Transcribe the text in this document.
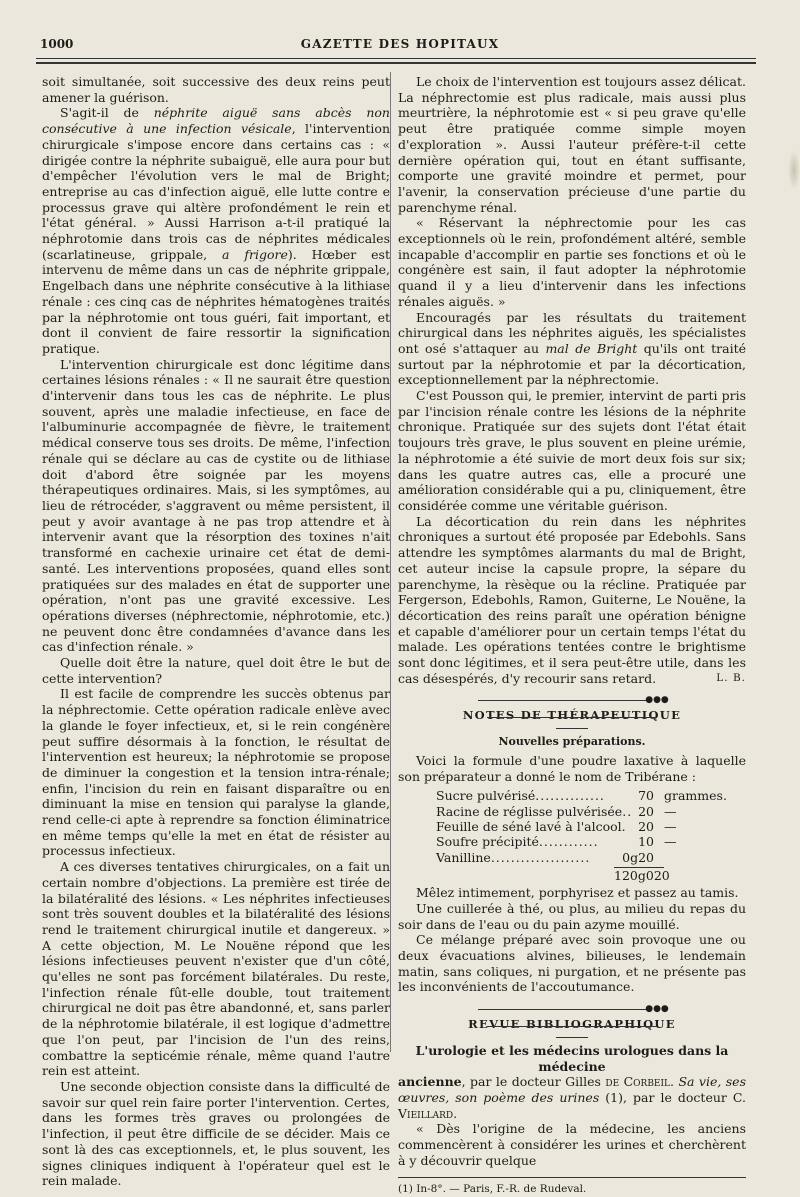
1000	GAZETTE DES HOPITAUX

soit simultanée, soit successive des deux reins peut amener la guérison.

S'agit-il de néphrite aiguë sans abcès non consécutive à une infection vésicale, l'intervention chirurgicale s'impose encore dans certains cas : « dirigée contre la néphrite subaiguë, elle aura pour but d'empêcher l'évolution vers le mal de Bright; entreprise au cas d'infection aiguë, elle lutte contre e processus grave qui altère profondément le rein et l'état général. » Aussi Harrison a-t-il pratiqué la néphrotomie dans trois cas de néphrites médicales (scarlatineuse, grippale, a frigore). Hœber est intervenu de même dans un cas de néphrite grippale, Engelbach dans une néphrite consécutive à la lithiase rénale : ces cinq cas de néphrites hématogènes traités par la néphrotomie ont tous guéri, fait important, et dont il convient de faire ressortir la signification pratique.

L'intervention chirurgicale est donc légitime dans certaines lésions rénales : « Il ne saurait être question d'intervenir dans tous les cas de néphrite. Le plus souvent, après une maladie infectieuse, en face de l'albuminurie accompagnée de fièvre, le traitement médical conserve tous ses droits. De même, l'infection rénale qui se déclare au cas de cystite ou de lithiase doit d'abord être soignée par les moyens thérapeutiques ordinaires. Mais, si les symptômes, au lieu de rétrocéder, s'aggravent ou même persistent, il peut y avoir avantage à ne pas trop attendre et à intervenir avant que la résorption des toxines n'ait transformé en cachexie urinaire cet état de demi-santé. Les interventions proposées, quand elles sont pratiquées sur des malades en état de supporter une opération, n'ont pas une gravité excessive. Les opérations diverses (néphrectomie, néphrotomie, etc.) ne peuvent donc être condamnées d'avance dans les cas d'infection rénale. »

Quelle doit être la nature, quel doit être le but de cette intervention?

Il est facile de comprendre les succès obtenus par la néphrectomie. Cette opération radicale enlève avec la glande le foyer infectieux, et, si le rein congénère peut suffire désormais à la fonction, le résultat de l'intervention est heureux; la néphrotomie se propose de diminuer la congestion et la tension intra-rénale; enfin, l'incision du rein en faisant disparaître ou en diminuant la mise en tension qui paralyse la glande, rend celle-ci apte à reprendre sa fonction éliminatrice en même temps qu'elle la met en état de résister au processus infectieux.

A ces diverses tentatives chirurgicales, on a fait un certain nombre d'objections. La première est tirée de la bilatéralité des lésions. « Les néphrites infectieuses sont très souvent doubles et la bilatéralité des lésions rend le traitement chirurgical inutile et dangereux. » A cette objection, M. Le Nouëne répond que les lésions infectieuses peuvent n'exister que d'un côté, qu'elles ne sont pas forcément bilatérales. Du reste, l'infection rénale fût-elle double, tout traitement chirurgical ne doit pas être abandonné, et, sans parler de la néphrotomie bilatérale, il est logique d'admettre que l'on peut, par l'incision de l'un des reins, combattre la septicémie rénale, même quand l'autre rein est atteint.

Une seconde objection consiste dans la difficulté de savoir sur quel rein faire porter l'intervention. Certes, dans les formes très graves ou prolongées de l'infection, il peut être difficile de se décider. Mais ce sont là des cas exceptionnels, et, le plus souvent, les signes cliniques indiquent à l'opérateur quel est le rein malade.

Le choix de l'intervention est toujours assez délicat. La néphrectomie est plus radicale, mais aussi plus meurtrière, la néphrotomie est « si peu grave qu'elle peut être pratiquée comme simple moyen d'exploration ». Aussi l'auteur préfère-t-il cette dernière opération qui, tout en étant suffisante, comporte une gravité moindre et permet, pour l'avenir, la conservation précieuse d'une partie du parenchyme rénal.

« Réservant la néphrectomie pour les cas exceptionnels où le rein, profondément altéré, semble incapable d'accomplir en partie ses fonctions et où le congénère est sain, il faut adopter la néphrotomie quand il y a lieu d'intervenir dans les infections rénales aiguës. »

Encouragés par les résultats du traitement chirurgical dans les néphrites aiguës, les spécialistes ont osé s'attaquer au mal de Bright qu'ils ont traité surtout par la néphrotomie et par la décortication, exceptionnellement par la néphrectomie.

C'est Pousson qui, le premier, intervint de parti pris par l'incision rénale contre les lésions de la néphrite chronique. Pratiquée sur des sujets dont l'état était toujours très grave, le plus souvent en pleine urémie, la néphrotomie a été suivie de mort deux fois sur six; dans les quatre autres cas, elle a procuré une amélioration considérable qui a pu, cliniquement, être considérée comme une véritable guérison.

La décortication du rein dans les néphrites chroniques a surtout été proposée par Edebohls. Sans attendre les symptômes alarmants du mal de Bright, cet auteur incise la capsule propre, la sépare du parenchyme, la rèsèque ou la récline. Pratiquée par Fergerson, Edebohls, Ramon, Guiterne, Le Nouëne, la décortication des reins paraît une opération bénigne et capable d'améliorer pour un certain temps l'état du malade. Les opérations tentées contre le brightisme sont donc légitimes, et il sera peut-être utile, dans les cas désespérés, d'y recourir sans retard.	L. B.

●●●
NOTES DE THÉRAPEUTIQUE
Nouvelles préparations.

Voici la formule d'une poudre laxative à laquelle son préparateur a donné le nom de Tribérane :

Sucre pulvérisé..............	70 grammes.
Racine de réglisse pulvérisée.. 20 —
Feuille de séné lavé à l'alcool. 20 —
Soufre précipité............	10 —
Vanilline....................	0g20
120g020

Mêlez intimement, porphyrisez et passez au tamis.

Une cuillerée à thé, ou plus, au milieu du repas du soir dans de l'eau ou du pain azyme mouillé.

Ce mélange préparé avec soin provoque une ou deux évacuations alvines, bilieuses, le lendemain matin, sans coliques, ni purgation, et ne présente pas les inconvénients de l'accoutumance.

●●●
REVUE BIBLIOGRAPHIQUE

L'urologie et les médecins urologues dans la médecine
ancienne, par le docteur Gilles de Corbeil. Sa vie, ses œuvres, son poème des urines (1), par le docteur C. Vieillard.

« Dès l'origine de la médecine, les anciens commencèrent à considérer les urines et cherchèrent à y découvrir quelque

(1) In-8°. — Paris, F.-R. de Rudeval.
